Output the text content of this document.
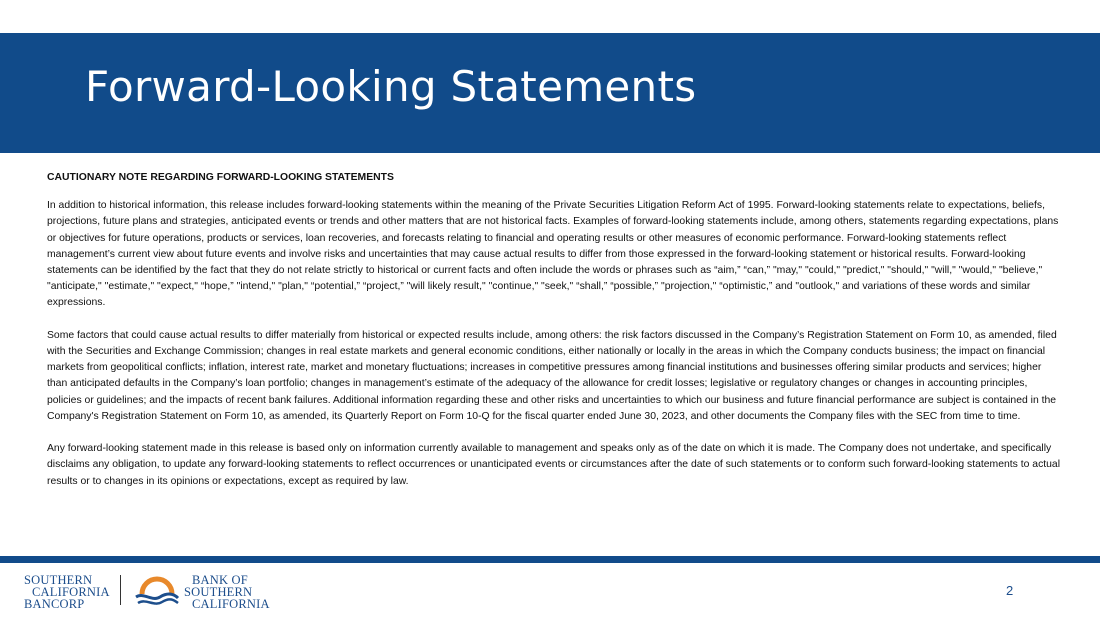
Forward-Looking Statements

CAUTIONARY NOTE REGARDING FORWARD-LOOKING STATEMENTS

In addition to historical information, this release includes forward-looking statements within the meaning of the Private Securities Litigation Reform Act of 1995. Forward-looking statements relate to expectations, beliefs, projections, future plans and strategies, anticipated events or trends and other matters that are not historical facts. Examples of forward-looking statements include, among others, statements regarding expectations, plans or objectives for future operations, products or services, loan recoveries, and forecasts relating to financial and operating results or other measures of economic performance. Forward-looking statements reflect management’s current view about future events and involve risks and uncertainties that may cause actual results to differ from those expressed in the forward-looking statement or historical results. Forward-looking statements can be identified by the fact that they do not relate strictly to historical or current facts and often include the words or phrases such as “aim,” “can,” "may," "could," "predict," "should," "will," "would," "believe," "anticipate," "estimate," "expect," “hope,” "intend," "plan," “potential,” “project,” "will likely result," "continue," "seek," “shall,” “possible,” "projection," “optimistic,” and "outlook," and variations of these words and similar expressions.

Some factors that could cause actual results to differ materially from historical or expected results include, among others: the risk factors discussed in the Company’s Registration Statement on Form 10, as amended, filed with the Securities and Exchange Commission; changes in real estate markets and general economic conditions, either nationally or locally in the areas in which the Company conducts business; the impact on financial markets from geopolitical conflicts; inflation, interest rate, market and monetary fluctuations; increases in competitive pressures among financial institutions and businesses offering similar products and services; higher than anticipated defaults in the Company’s loan portfolio; changes in management’s estimate of the adequacy of the allowance for credit losses; legislative or regulatory changes or changes in accounting principles, policies or guidelines; and the impacts of recent bank failures. Additional information regarding these and other risks and uncertainties to which our business and future financial performance are subject is contained in the Company's Registration Statement on Form 10, as amended, its Quarterly Report on Form 10-Q for the fiscal quarter ended June 30, 2023, and other documents the Company files with the SEC from time to time.

Any forward-looking statement made in this release is based only on information currently available to management and speaks only as of the date on which it is made. The Company does not undertake, and specifically disclaims any obligation, to update any forward-looking statements to reflect occurrences or unanticipated events or circumstances after the date of such statements or to conform such forward-looking statements to actual results or to changes in its opinions or expectations, except as required by law.

SOUTHERN
CALIFORNIA
BANCORP
BANK OF
SOUTHERN
CALIFORNIA
2
